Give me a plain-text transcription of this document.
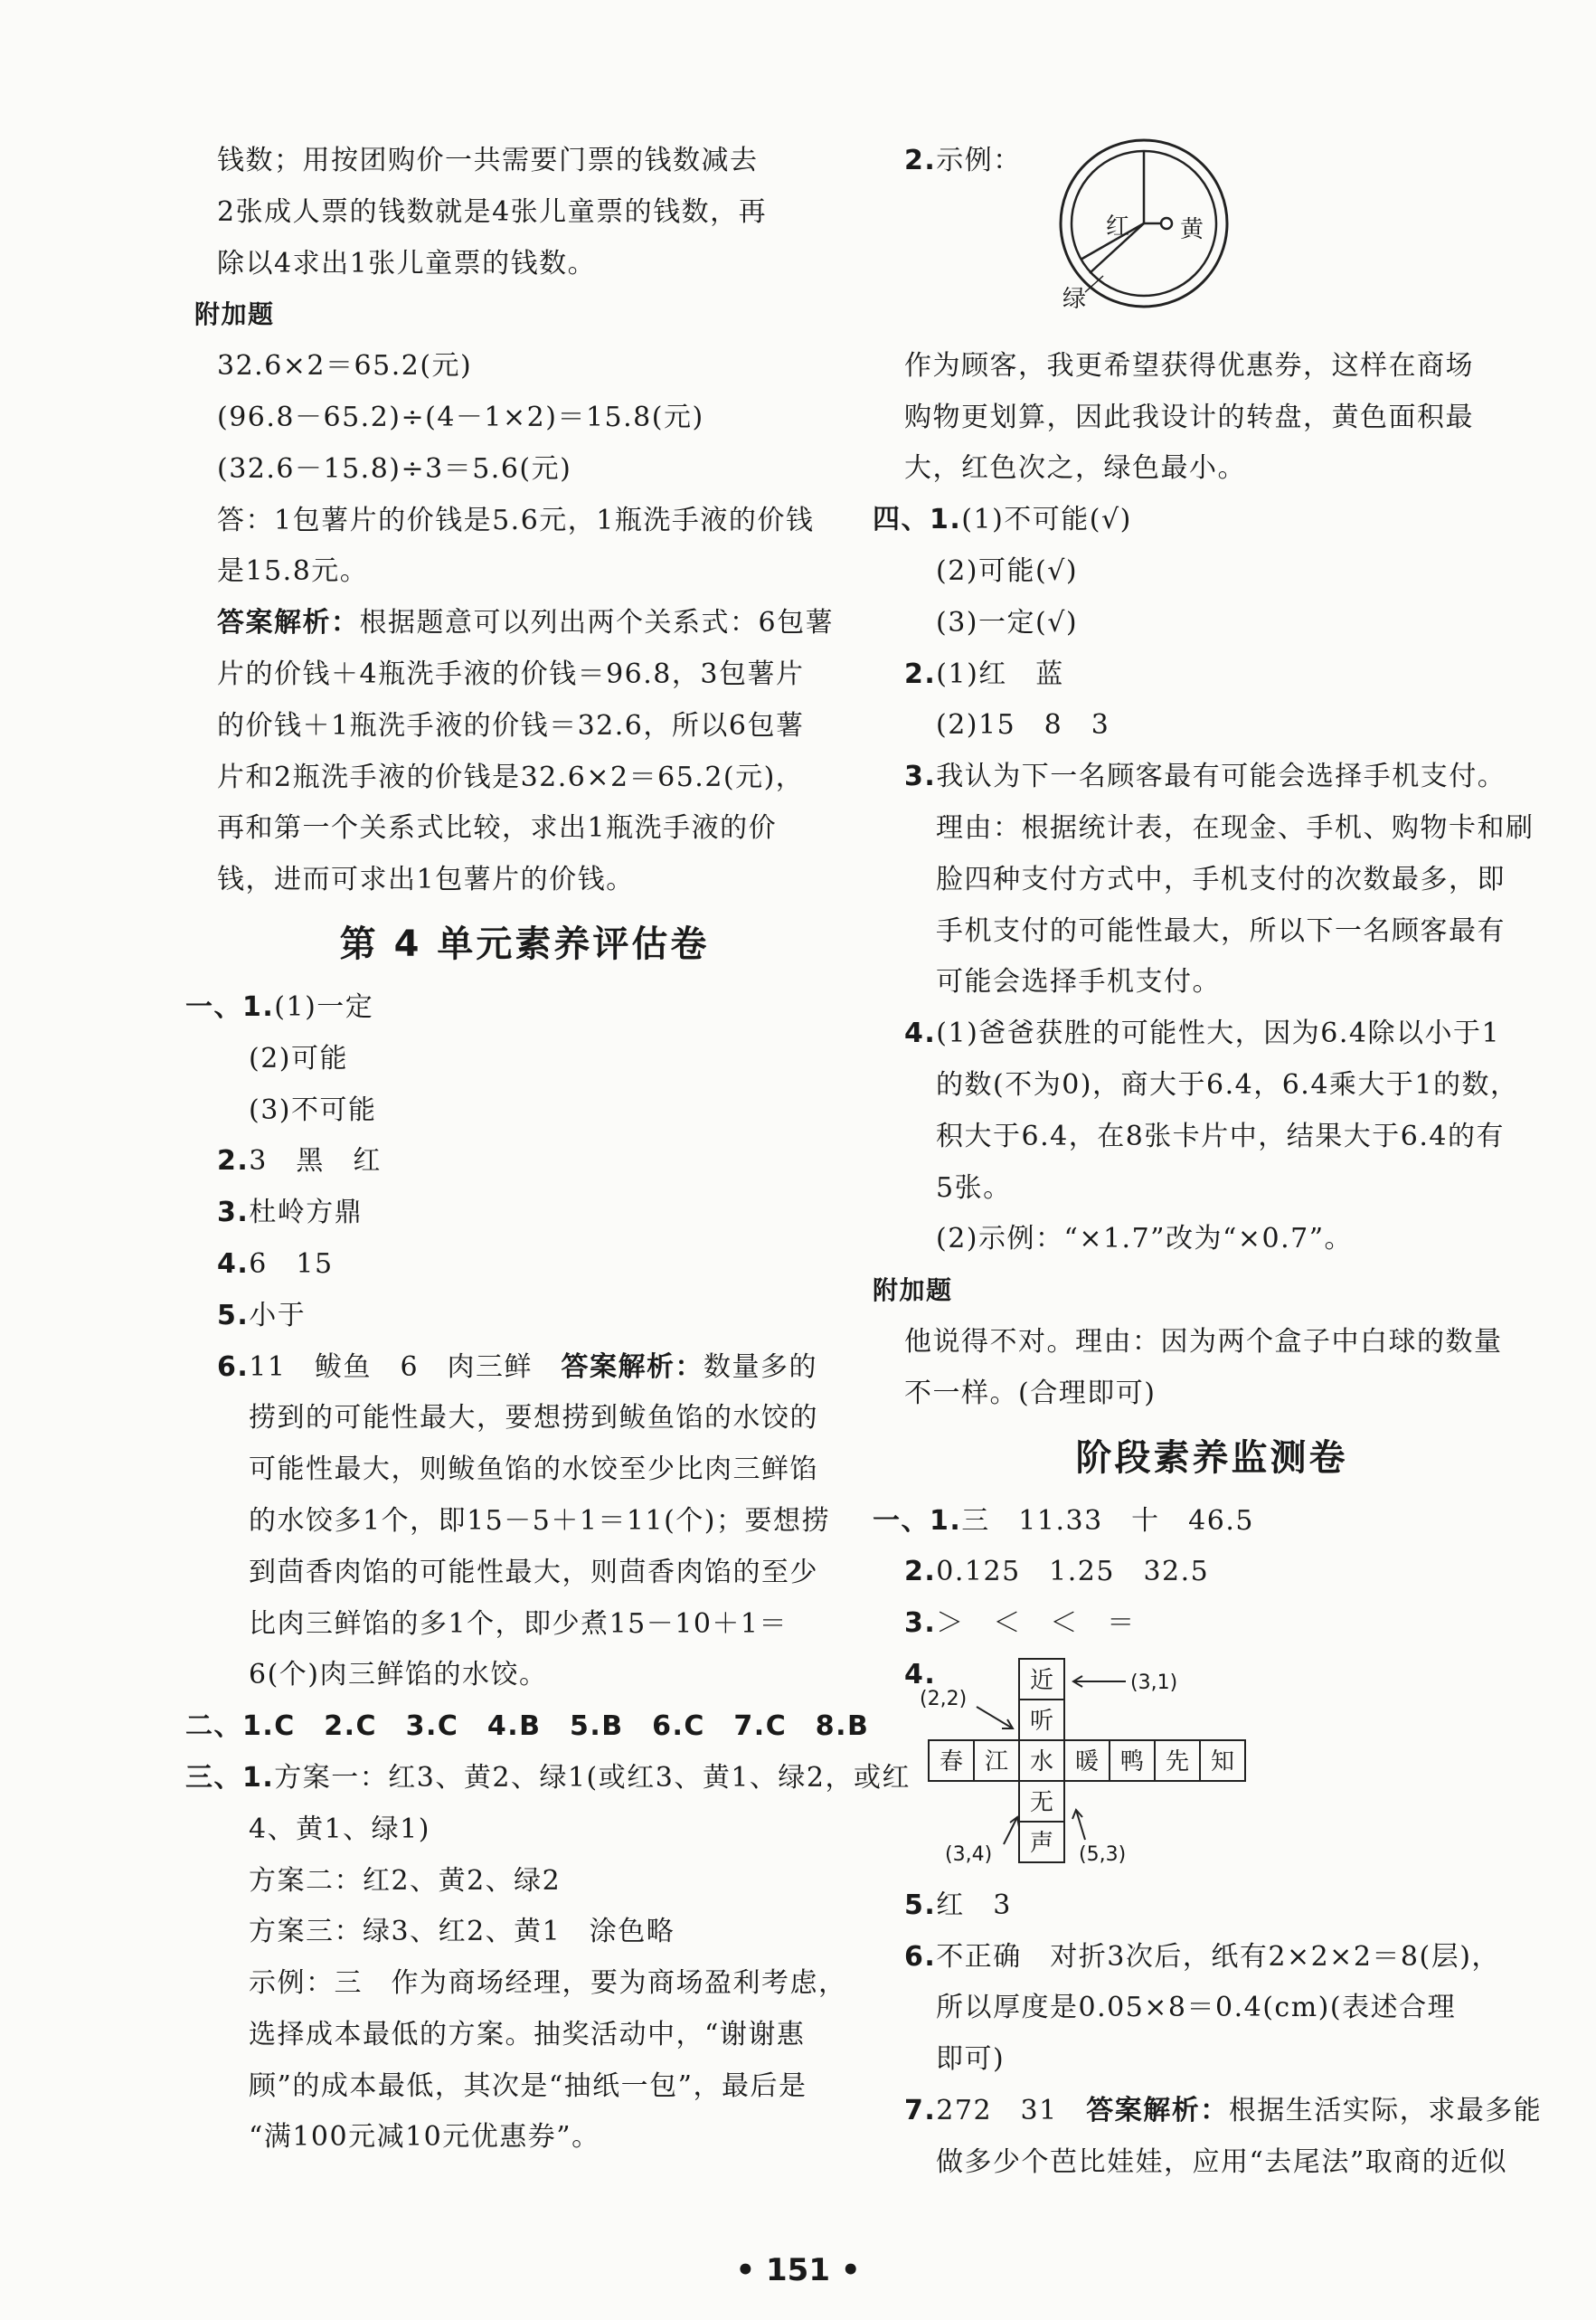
钱数；用按团购价一共需要门票的钱数减去
2张成人票的钱数就是4张儿童票的钱数，再
除以4求出1张儿童票的钱数。
附加题
32.6×2＝65.2(元)
(96.8－65.2)÷(4－1×2)＝15.8(元)
(32.6－15.8)÷3＝5.6(元)
答：1包薯片的价钱是5.6元，1瓶洗手液的价钱
是15.8元。
答案解析：根据题意可以列出两个关系式：6包薯
片的价钱＋4瓶洗手液的价钱＝96.8，3包薯片
的价钱＋1瓶洗手液的价钱＝32.6，所以6包薯
片和2瓶洗手液的价钱是32.6×2＝65.2(元)，
再和第一个关系式比较，求出1瓶洗手液的价
钱，进而可求出1包薯片的价钱。
第 4 单元素养评估卷
一、1.(1)一定
(2)可能
(3)不可能
2.3　黑　红
3.杜岭方鼎
4.6　15
5.小于
6.11　鲅鱼　6　肉三鲜　答案解析：数量多的
捞到的可能性最大，要想捞到鲅鱼馅的水饺的
可能性最大，则鲅鱼馅的水饺至少比肉三鲜馅
的水饺多1个，即15－5＋1＝11(个)；要想捞
到茴香肉馅的可能性最大，则茴香肉馅的至少
比肉三鲜馅的多1个，即少煮15－10＋1＝
6(个)肉三鲜馅的水饺。
二、1.C　2.C　3.C　4.B　5.B　6.C　7.C　8.B
三、1.方案一：红3、黄2、绿1(或红3、黄1、绿2，或红
4、黄1、绿1)
方案二：红2、黄2、绿2
方案三：绿3、红2、黄1　涂色略
示例：三　作为商场经理，要为商场盈利考虑，
选择成本最低的方案。抽奖活动中，“谢谢惠
顾”的成本最低，其次是“抽纸一包”，最后是
“满100元减10元优惠券”。
2.示例：
红 黄
绿
作为顾客，我更希望获得优惠券，这样在商场
购物更划算，因此我设计的转盘，黄色面积最
大，红色次之，绿色最小。
四、1.(1)不可能(√)
(2)可能(√)
(3)一定(√)
2.(1)红　蓝
(2)15　8　3
3.我认为下一名顾客最有可能会选择手机支付。
理由：根据统计表，在现金、手机、购物卡和刷
脸四种支付方式中，手机支付的次数最多，即
手机支付的可能性最大，所以下一名顾客最有
可能会选择手机支付。
4.(1)爸爸获胜的可能性大，因为6.4除以小于1
的数(不为0)，商大于6.4，6.4乘大于1的数，
积大于6.4，在8张卡片中，结果大于6.4的有
5张。
(2)示例：“×1.7”改为“×0.7”。
附加题
他说得不对。理由：因为两个盒子中白球的数量
不一样。(合理即可)
阶段素养监测卷
一、1.三　11.33　十　46.5
2.0.125　1.25　32.5
3.＞　＜　＜　＝
4.	近
听
无
声
春 江 水 暖 鸭 先 知
(3,1)
(2,2)
(3,4)	(5,3)
5.红　3
6.不正确　对折3次后，纸有2×2×2＝8(层)，
所以厚度是0.05×8＝0.4(cm)(表述合理
即可)
7.272　31　答案解析：根据生活实际，求最多能
做多少个芭比娃娃，应用“去尾法”取商的近似
• 151 •
